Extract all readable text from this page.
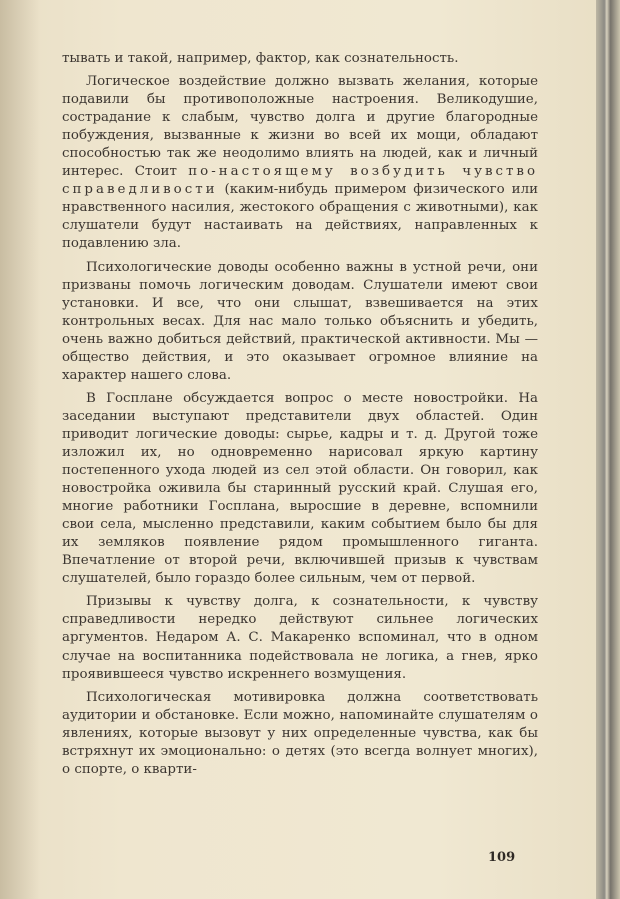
тывать и такой, например, фактор, как сознательность.

Логическое воздействие должно вызвать желания, которые подавили бы противоположные настроения. Великодушие, сострадание к слабым, чувство долга и другие благородные побуждения, вызванные к жизни во всей их мощи, обладают способностью так же неодолимо влиять на людей, как и личный интерес. Стоит по-настоящему возбудить чувство справедливости (каким-нибудь примером физического или нравственного насилия, жестокого обращения с животными), как слушатели будут настаивать на действиях, направленных к подавлению зла.

Психологические доводы особенно важны в устной речи, они призваны помочь логическим доводам. Слушатели имеют свои установки. И все, что они слышат, взвешивается на этих контрольных весах. Для нас мало только объяснить и убедить, очень важно добиться действий, практической активности. Мы — общество действия, и это оказывает огромное влияние на характер нашего слова.

В Госплане обсуждается вопрос о месте новостройки. На заседании выступают представители двух областей. Один приводит логические доводы: сырье, кадры и т. д. Другой тоже изложил их, но одновременно нарисовал яркую картину постепенного ухода людей из сел этой области. Он говорил, как новостройка оживила бы старинный русский край. Слушая его, многие работники Госплана, выросшие в деревне, вспомнили свои села, мысленно представили, каким событием было бы для их земляков появление рядом промышленного гиганта. Впечатление от второй речи, включившей призыв к чувствам слушателей, было гораздо более сильным, чем от первой.

Призывы к чувству долга, к сознательности, к чувству справедливости нередко действуют сильнее логических аргументов. Недаром А. С. Макаренко вспоминал, что в одном случае на воспитанника подействовала не логика, а гнев, ярко проявившееся чувство искреннего возмущения.

Психологическая мотивировка должна соответствовать аудитории и обстановке. Если можно, напоминайте слушателям о явлениях, которые вызовут у них определенные чувства, как бы встряхнут их эмоционально: о детях (это всегда волнует многих), о спорте, о кварти-

109
